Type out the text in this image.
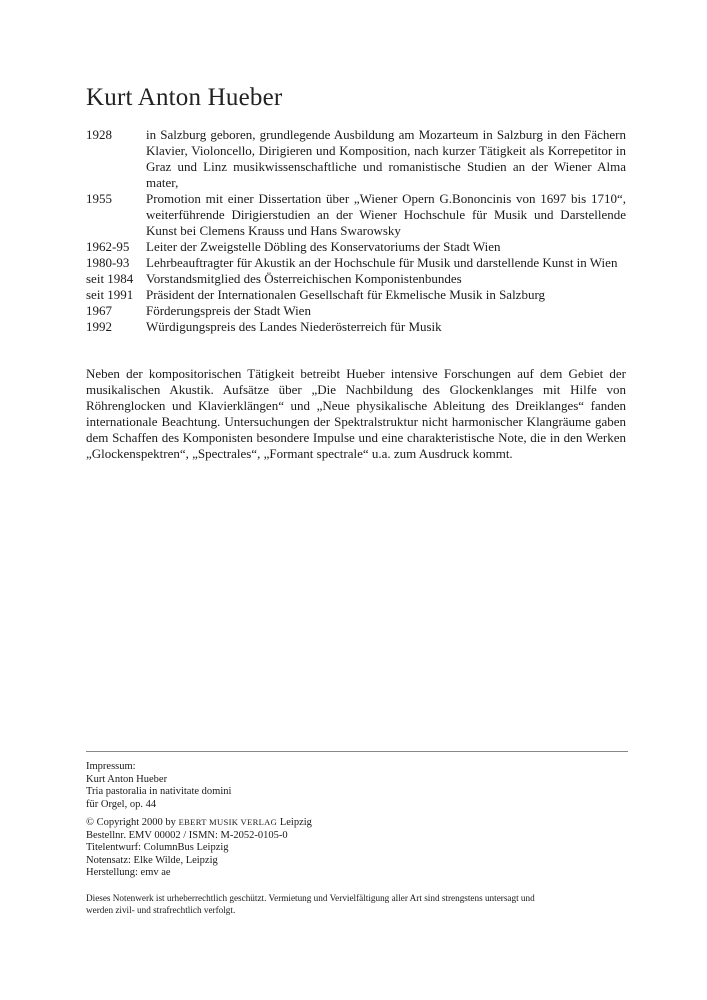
Kurt Anton Hueber
1928	in Salzburg geboren, grundlegende Ausbildung am Mozarteum in Salzburg in den Fächern Klavier, Violoncello, Dirigieren und Komposition, nach kurzer Tätigkeit als Korrepetitor in Graz und Linz musikwissenschaftliche und romanistische Studien an der Wiener Alma mater,
1955	Promotion mit einer Dissertation über „Wiener Opern G.Bononcinis von 1697 bis 1710“, weiterführende Dirigierstudien an der Wiener Hochschule für Musik und Darstellende Kunst bei Clemens Krauss und Hans Swarowsky
1962-95	Leiter der Zweigstelle Döbling des Konservatoriums der Stadt Wien
1980-93	Lehrbeauftragter für Akustik an der Hochschule für Musik und darstellende Kunst in Wien
seit 1984 Vorstandsmitglied des Österreichischen Komponistenbundes
seit 1991 Präsident der Internationalen Gesellschaft für Ekmelische Musik in Salzburg
1967	Förderungspreis der Stadt Wien
1992	Würdigungspreis des Landes Niederösterreich für Musik

Neben der kompositorischen Tätigkeit betreibt Hueber intensive Forschungen auf dem Gebiet der musikalischen Akustik. Aufsätze über „Die Nachbildung des Glockenklanges mit Hilfe von Röhrenglocken und Klavierklängen“ und „Neue physikalische Ableitung des Dreiklanges“ fanden internationale Beachtung. Untersuchungen der Spektralstruktur nicht harmonischer Klangräume gaben dem Schaffen des Komponisten besondere Impulse und eine charakteristische Note, die in den Werken „Glockenspektren“, „Spectrales“, „Formant spectrale“ u.a. zum Ausdruck kommt.

Impressum:
Kurt Anton Hueber
Tria pastoralia in nativitate domini
für Orgel, op. 44
© Copyright 2000 by EBERT MUSIK VERLAG Leipzig
Bestellnr. EMV 00002 / ISMN: M-2052-0105-0
Titelentwurf: ColumnBus Leipzig
Notensatz: Elke Wilde, Leipzig
Herstellung: emv ae
Dieses Notenwerk ist urheberrechtlich geschützt. Vermietung und Vervielfältigung aller Art sind strengstens untersagt und werden zivil- und strafrechtlich verfolgt.
